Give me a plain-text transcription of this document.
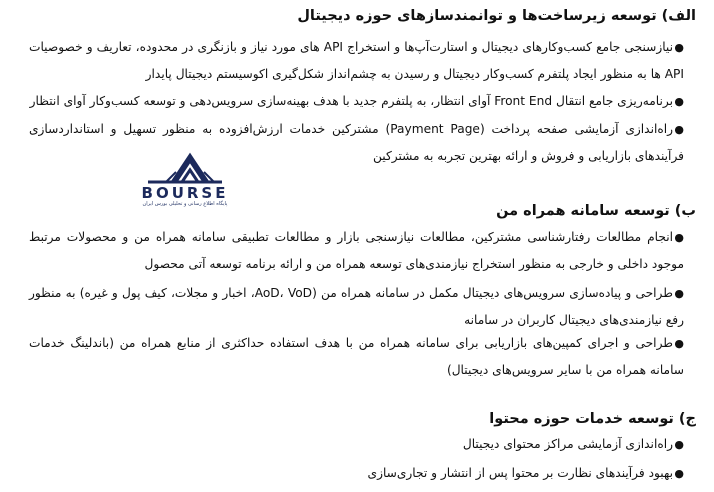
الف) توسعه زیرساخت‌ها و توانمندسازهای حوزه دیجیتال
●نیازسنجی جامع کسب‌وکارهای دیجیتال و استارت‌آپ‌ها و استخراج API های مورد نیاز و بازنگری در محدوده، تعاریف و خصوصیات API ها به منظور ایجاد پلتفرم کسب‌وکار دیجیتال و رسیدن به چشم‌انداز شکل‌گیری اکوسیستم دیجیتال پایدار
●برنامه‌ریزی جامع انتقال Front End آوای انتظار، به پلتفرم جدید با هدف بهینه‌سازی سرویس‌دهی و توسعه کسب‌وکار آوای انتظار
●راه‌اندازی آزمایشی صفحه پرداخت (Payment Page) مشترکین خدمات ارزش‌افزوده به منظور تسهیل و استانداردسازی فرآیندهای بازاریابی و فروش و ارائه بهترین تجربه به مشترکین
BOURSE
پایگاه اطلاع رسانی و تحلیلی بورس ایران	ب) توسعه سامانه همراه من
●انجام مطالعات رفتارشناسی مشترکین، مطالعات نیازسنجی بازار و مطالعات تطبیقی سامانه همراه من و محصولات مرتبط موجود داخلی و خارجی به منظور استخراج نیازمندی‌های توسعه همراه من و ارائه برنامه توسعه آتی محصول
●طراحی و پیاده‌سازی سرویس‌های دیجیتال مکمل در سامانه همراه من (AoD، VoD، اخبار و مجلات، کیف پول و غیره) به منظور رفع نیازمندی‌های دیجیتال کاربران در سامانه
●طراحی و اجرای کمپین‌های بازاریابی برای سامانه همراه من با هدف استفاده حداکثری از منابع همراه من (باندلینگ خدمات سامانه همراه من با سایر سرویس‌های دیجیتال)
ج) توسعه خدمات حوزه محتوا
●راه‌اندازی آزمایشی مراکز محتوای دیجیتال
●بهبود فرآیندهای نظارت بر محتوا پس از انتشار و تجاری‌سازی
